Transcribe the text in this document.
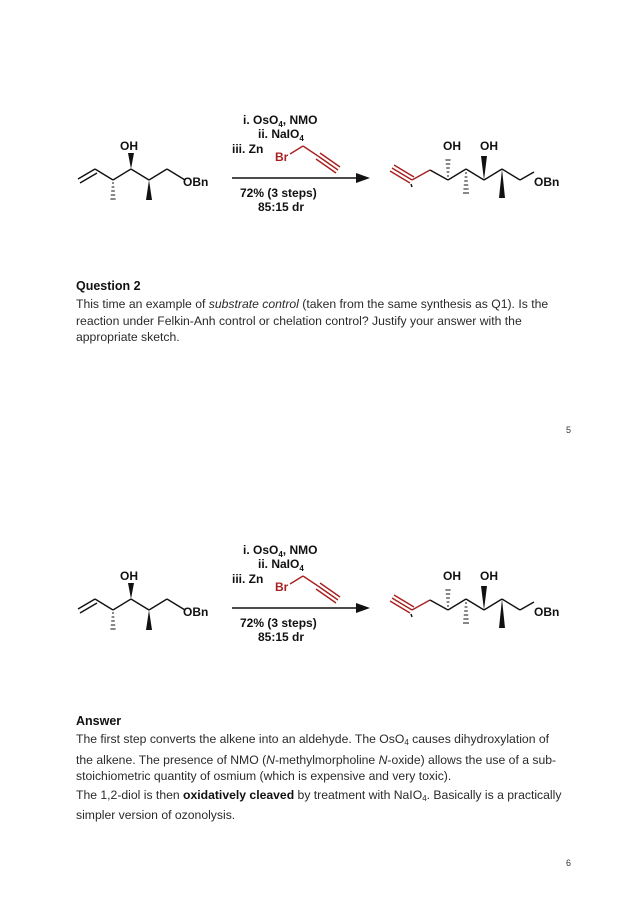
OH
OBn
i. OsO$_4$, NMO
ii. NaIO$_4$
iii. Zn
Br
72% (3 steps)
85:15 dr
OH OH
OBn
Question 2

This time an example of substrate control (taken from the same synthesis as Q1). Is the reaction under Felkin-Anh control or chelation control? Justify your answer with the appropriate sketch.

5
OH
OBn
i. OsO$_4$, NMO
ii. NaIO$_4$
iii. Zn
Br
72% (3 steps)
85:15 dr
OH OH
OBn
Answer

The first step converts the alkene into an aldehyde. The OsO$_4$ causes dihydroxylation of the alkene. The presence of NMO (N-methylmorpholine N-oxide) allows the use of a sub-stoichiometric quantity of osmium (which is expensive and very toxic).

The 1,2-diol is then oxidatively cleaved by treatment with NaIO$_4$. Basically is a practically simpler version of ozonolysis.

6
